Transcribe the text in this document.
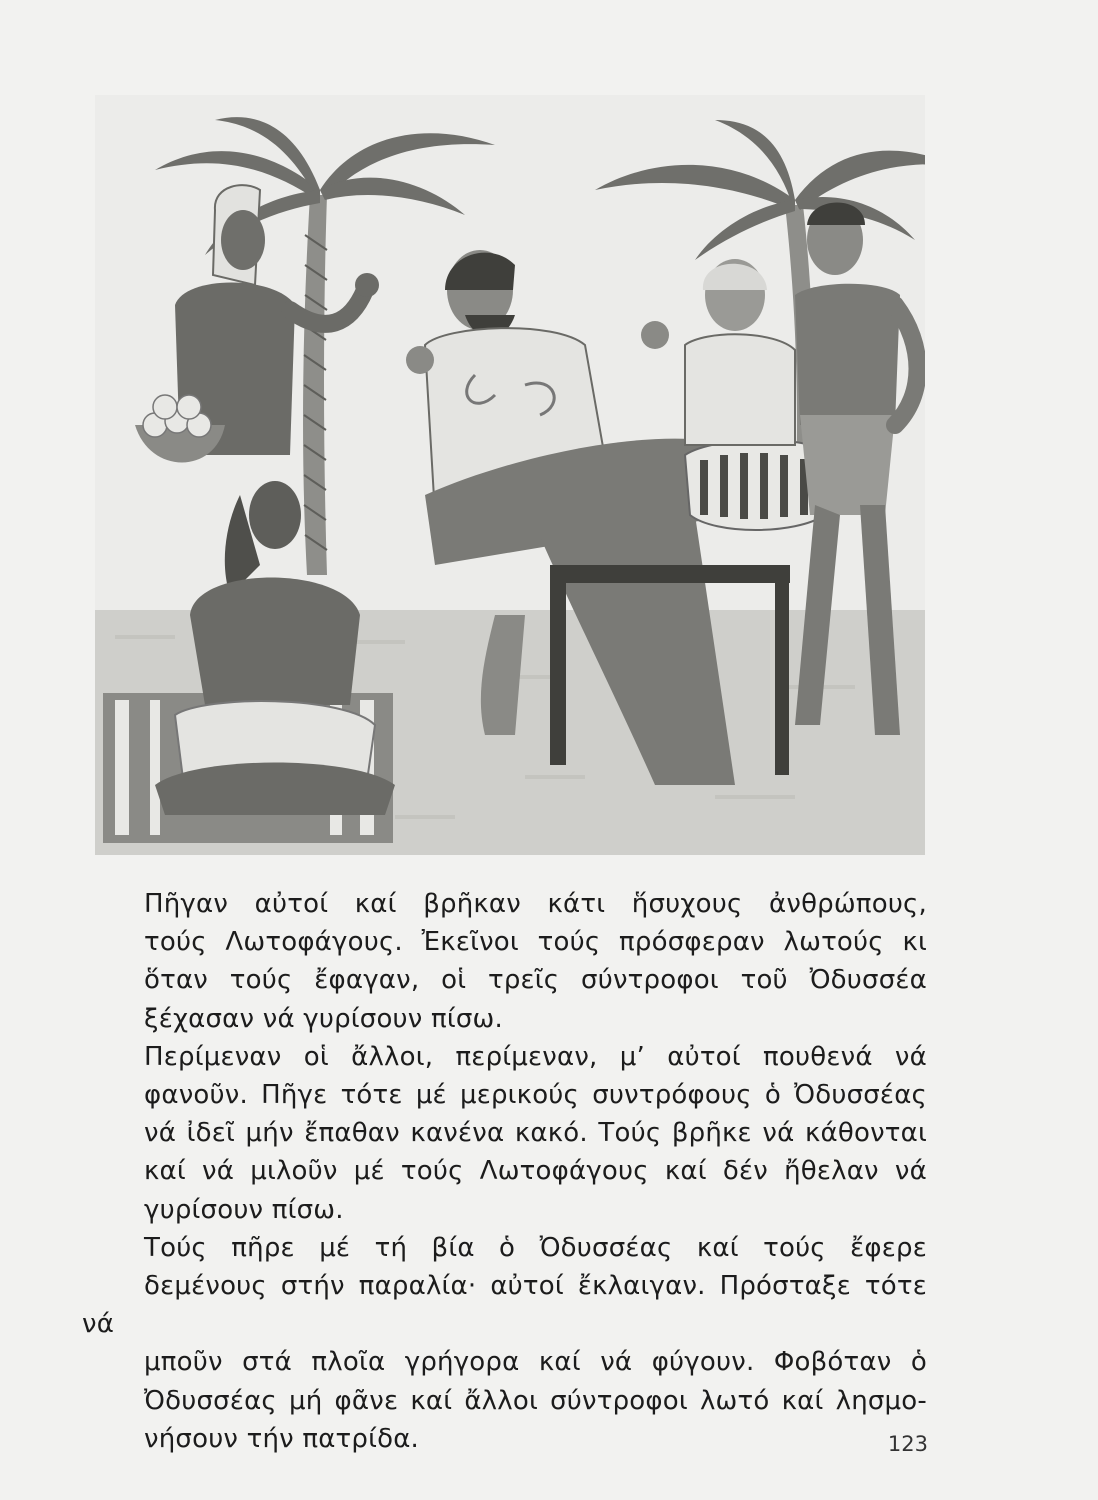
Πῆγαν αὐτοί καί βρῆκαν κάτι ἥσυχους ἀνθρώπους,
τούς Λωτοφάγους. Ἐκεῖνοι τούς πρόσφεραν λωτούς κι
ὅταν τούς ἔφαγαν, οἱ τρεῖς σύντροφοι τοῦ Ὀδυσσέα
ξέχασαν νά γυρίσουν πίσω.

Περίμεναν οἱ ἄλλοι, περίμεναν, μ’ αὐτοί πουθενά νά
φανοῦν. Πῆγε τότε μέ μερικούς συντρόφους ὁ Ὀδυσσέας
νά ἰδεῖ μήν ἔπαθαν κανένα κακό. Τούς βρῆκε νά κάθονται
καί νά μιλοῦν μέ τούς Λωτοφάγους καί δέν ἤθελαν νά
γυρίσουν πίσω.

Τούς πῆρε μέ τή βία ὁ Ὀδυσσέας καί τούς ἔφερε
δεμένους στήν παραλία· αὐτοί ἔκλαιγαν. Πρόσταξε τότε νά
μποῦν στά πλοῖα γρήγορα καί νά φύγουν. Φοβόταν ὁ
Ὀδυσσέας μή φᾶνε καί ἄλλοι σύντροφοι λωτό καί λησμο-
νήσουν τήν πατρίδα.	123
